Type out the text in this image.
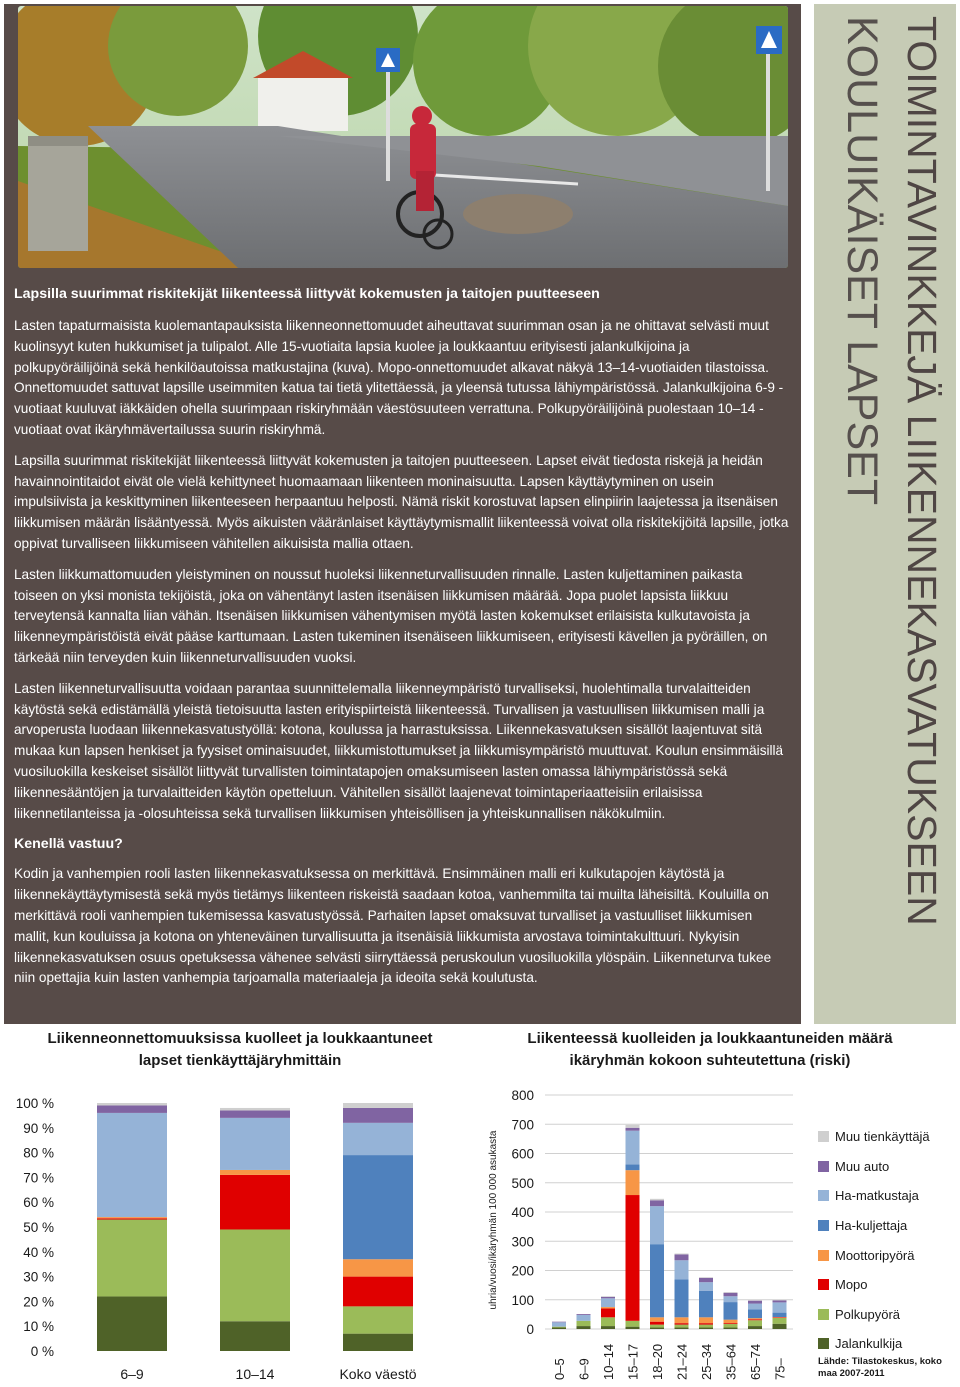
Lapsilla suurimmat riskitekijät liikenteessä liittyvät kokemusten ja taitojen puutteeseen

Lasten tapaturmaisista kuolemantapauksista liikenneonnettomuudet aiheuttavat suurimman osan ja ne ohittavat selvästi muut kuolinsyyt kuten hukkumiset ja tulipalot. Alle 15-vuotiaita lapsia kuolee ja loukkaantuu erityisesti jalankulkijoina ja polkupyöräilijöinä sekä henkilöautoissa matkustajina (kuva). Mopo-onnettomuudet alkavat näkyä 13–14-vuotiaiden tilastoissa. Onnettomuudet sattuvat lapsille useimmiten katua tai tietä ylitettäessä, ja yleensä tutussa lähiympäristössä. Jalankulkijoina 6-9 -vuotiaat kuuluvat iäkkäiden ohella suurimpaan riskiryhmään väestösuuteen verrattuna. Polkupyöräilijöinä puolestaan 10–14 -vuotiaat ovat ikäryhmävertailussa suurin riskiryhmä.

Lapsilla suurimmat riskitekijät liikenteessä liittyvät kokemusten ja taitojen puutteeseen. Lapset eivät tiedosta riskejä ja heidän havainnointitaidot eivät ole vielä kehittyneet huomaamaan liikenteen moninaisuutta. Lapsen käyttäytyminen on usein impulsiivista ja keskittyminen liikenteeseen herpaantuu helposti. Nämä riskit korostuvat lapsen elinpiirin laajetessa ja itsenäisen liikkumisen määrän lisääntyessä. Myös aikuisten vääränlaiset käyttäytymismallit liikenteessä voivat olla riskitekijöitä lapsille, jotka oppivat turvalliseen liikkumiseen vähitellen aikuisista mallia ottaen.

Lasten liikkumattomuuden yleistyminen on noussut huoleksi liikenneturvallisuuden rinnalle. Lasten kuljettaminen paikasta toiseen on yksi monista tekijöistä, joka on vähentänyt lasten itsenäisen liikkumisen määrää. Jopa puolet lapsista liikkuu terveytensä kannalta liian vähän. Itsenäisen liikkumisen vähentymisen myötä lasten kokemukset erilaisista kulkutavoista ja liikenneympäristöistä eivät pääse karttumaan. Lasten tukeminen itsenäiseen liikkumiseen, erityisesti kävellen ja pyöräillen, on tärkeää niin terveyden kuin liikenneturvallisuuden vuoksi.

Lasten liikenneturvallisuutta voidaan parantaa suunnittelemalla liikenneympäristö turvalliseksi, huolehtimalla turvalaitteiden käytöstä sekä edistämällä yleistä tietoisuutta lasten erityispiirteistä liikenteessä. Turvallisen ja vastuullisen liikkumisen malli ja arvoperusta luodaan liikennekasvatustyöllä: kotona, koulussa ja harrastuksissa. Liikennekasvatuksen sisällöt laajentuvat sitä mukaa kun lapsen henkiset ja fyysiset ominaisuudet, liikkumistottumukset ja liikkumisympäristö muuttuvat. Koulun ensimmäisillä vuosiluokilla keskeiset sisällöt liittyvät turvallisten toimintatapojen omaksumiseen lasten omassa lähiympäristössä sekä liikennesääntöjen ja turvalaitteiden käytön opetteluun. Vähitellen sisällöt laajenevat toimintaperiaatteisiin erilaisissa liikennetilanteissa ja -olosuhteissa sekä turvallisen liikkumisen yhteisöllisen ja yhteiskunnallisen näkökulmiin.

Kenellä vastuu?

Kodin ja vanhempien rooli lasten liikennekasvatuksessa on merkittävä. Ensimmäinen malli eri kulkutapojen käytöstä ja liikennekäyttäytymisestä sekä myös tietämys liikenteen riskeistä saadaan kotoa, vanhemmilta tai muilta läheisiltä. Kouluilla on merkittävä rooli vanhempien tukemisessa kasvatustyössä. Parhaiten lapset omaksuvat turvalliset ja vastuulliset liikkumisen mallit, kun kouluissa ja kotona on yhteneväinen turvallisuutta ja itsenäisiä liikkumista arvostava toimintakulttuuri. Nykyisin liikennekasvatuksen osuus opetuksessa vähenee selvästi siirryttäessä peruskoulun vuosiluokilla ylöspäin. Liikenneturva tukee niin opettajia kuin lasten vanhempia tarjoamalla materiaaleja ja ideoita sekä koulutusta.

TOIMINTAVINKKEJÄ LIIKENNEKASVATUKSEEN KOULUIKÄISET LAPSET
Liikenneonnettomuuksissa kuolleet ja loukkaantuneet lapset tienkäyttäjäryhmittäin
Liikenteessä kuolleiden ja loukkaantuneiden määrä ikäryhmän kokoon suhteutettuna (riski)
0 %
10 %
20 %
30 %
40 %
50 %
60 %
70 %
80 %
90 %
100 %
6–9	10–14	Koko väestö
0
100
200
300
400
500
600
700
800
uhria/vuosi/ikäryhmän 100 000 asukasta
0–5 6–9 10–14 15–17 18–20 21–24 25–34 35–64 65–74 75–
Muu tienkäyttäjä
Muu auto
Ha-matkustaja
Ha-kuljettaja
Moottoripyörä
Mopo
Polkupyörä
Jalankulkija
Lähde: Tilastokeskus, koko maa 2007-2011
